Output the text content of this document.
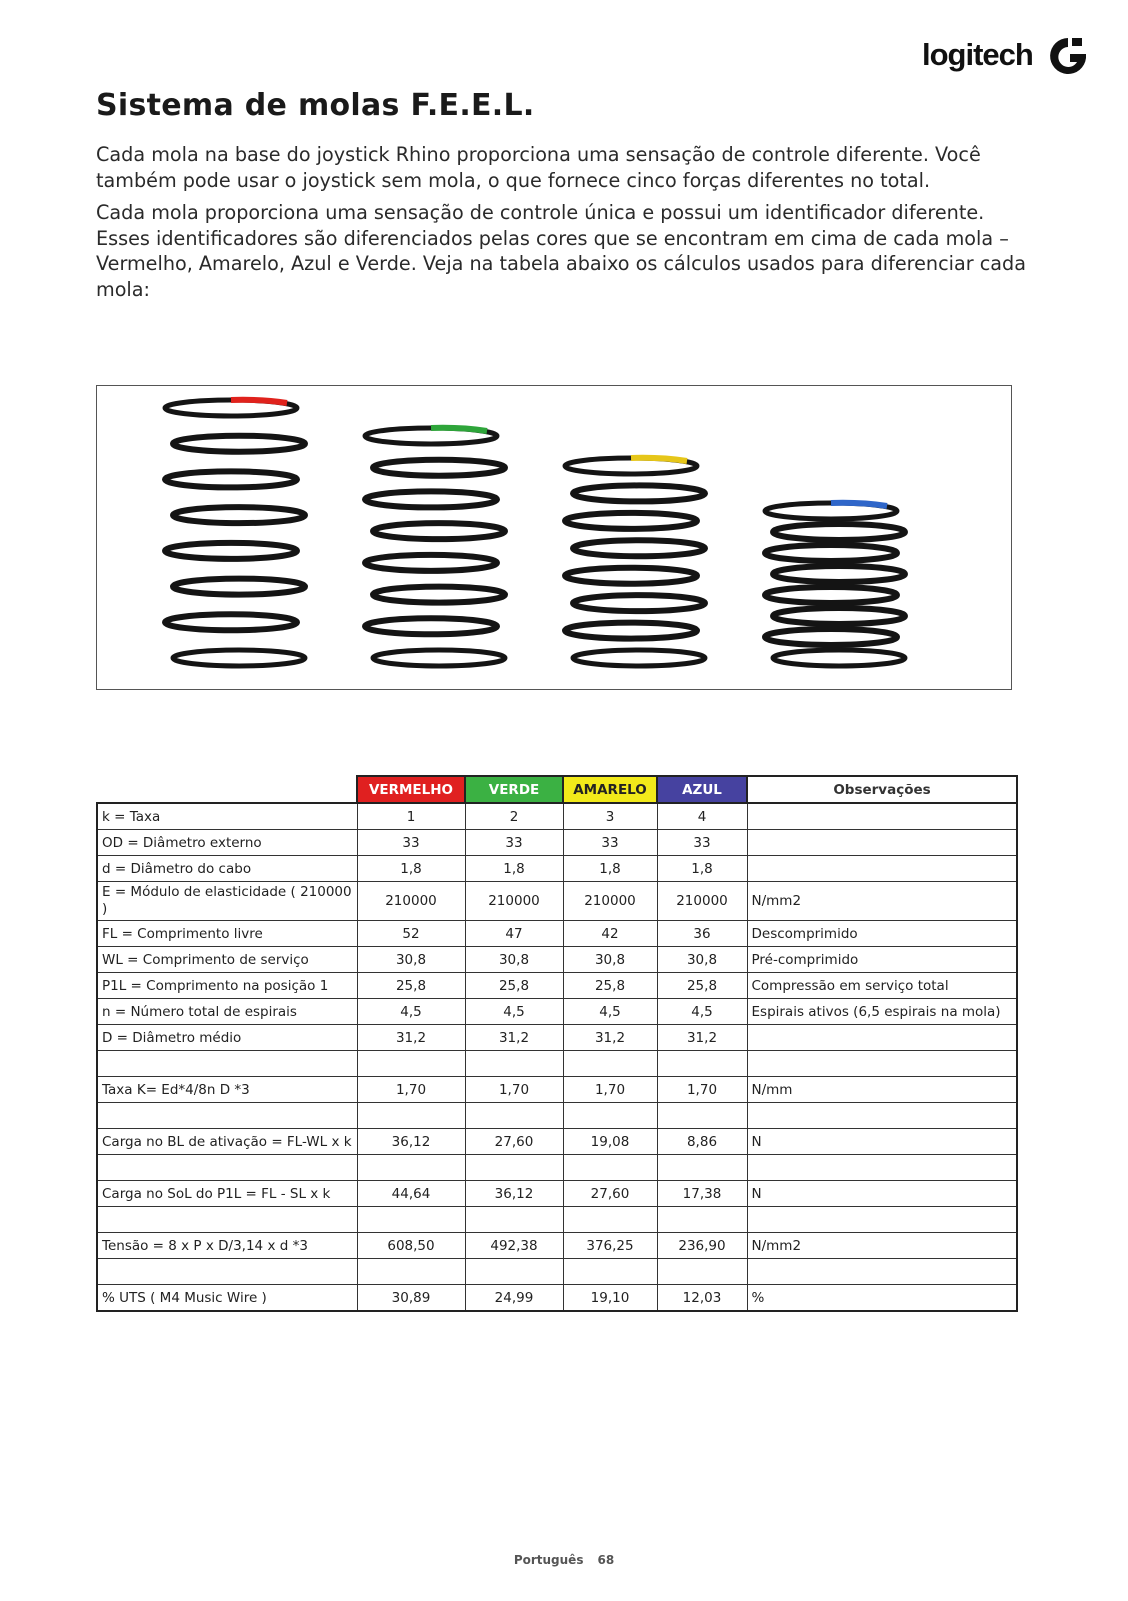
logitech
Sistema de molas F.E.E.L.

Cada mola na base do joystick Rhino proporciona uma sensação de controle diferente. Você também pode usar o joystick sem mola, o que fornece cinco forças diferentes no total.

Cada mola proporciona uma sensação de controle única e possui um identificador diferente. Esses identificadores são diferenciados pelas cores que se encontram em cima de cada mola –Vermelho, Amarelo, Azul e Verde. Veja na tabela abaixo os cálculos usados para diferenciar cada mola:

	VERMELHO	VERDE	AMARELO	AZUL	Observações
k = Taxa	1	2	3	4	
OD = Diâmetro externo	33	33	33	33	
d = Diâmetro do cabo	1,8	1,8	1,8	1,8	
E = Módulo de elasticidade ( 210000 )	210000	210000	210000	210000	N/mm2
FL = Comprimento livre	52	47	42	36	Descomprimido
WL = Comprimento de serviço	30,8	30,8	30,8	30,8	Pré-comprimido
P1L = Comprimento na posição 1	25,8	25,8	25,8	25,8	Compressão em serviço total
n = Número total de espirais	4,5	4,5	4,5	4,5	Espirais ativos (6,5 espirais na mola)
D = Diâmetro médio	31,2	31,2	31,2	31,2	

Taxa K= Ed*4/8n D *3	1,70	1,70	1,70	1,70	N/mm

Carga no BL de ativação = FL-WL x k	36,12	27,60	19,08	8,86	N

Carga no SoL do P1L = FL - SL x k	44,64	36,12	27,60	17,38	N

Tensão = 8 x P x D/3,14 x d *3	608,50	492,38	376,25	236,90	N/mm2

% UTS ( M4 Music Wire )	30,89	24,99	19,10	12,03	%
Português 68
